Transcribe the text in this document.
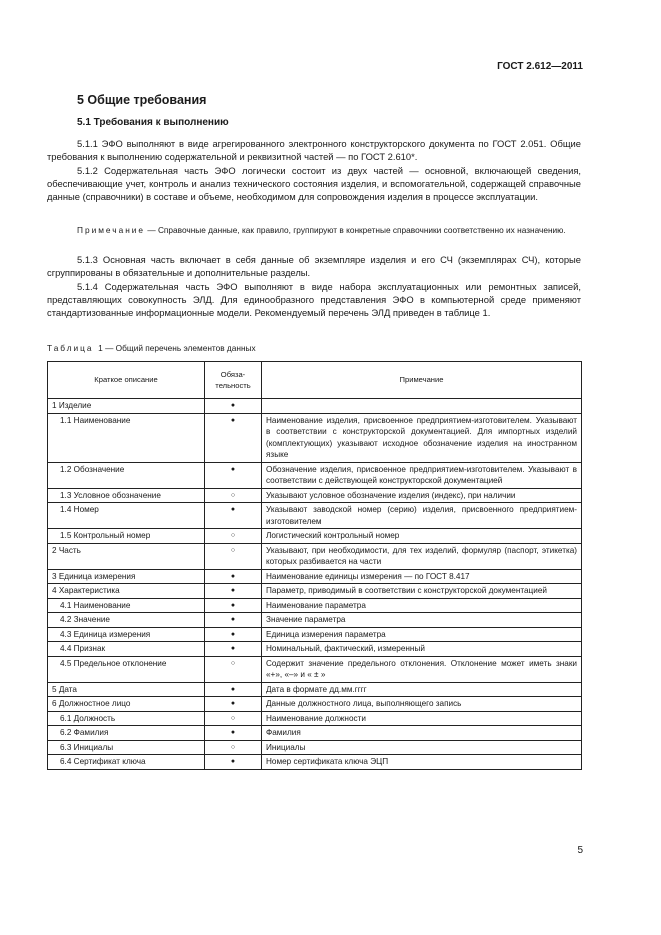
ГОСТ 2.612—2011
5 Общие требования
5.1 Требования к выполнению

5.1.1 ЭФО выполняют в виде агрегированного электронного конструкторского документа по ГОСТ 2.051. Общие требования к выполнению содержательной и реквизитной частей — по ГОСТ 2.610*.

5.1.2 Содержательная часть ЭФО логически состоит из двух частей — основной, включающей сведения, обеспечивающие учет, контроль и анализ технического состояния изделия, и вспомогательной, содержащей справочные данные (справочники) в составе и объеме, необходимом для сопровождения изделия в процессе эксплуатации.

Примечание — Справочные данные, как правило, группируют в конкретные справочники соответственно их назначению.

5.1.3 Основная часть включает в себя данные об экземпляре изделия и его СЧ (экземплярах СЧ), которые сгруппированы в обязательные и дополнительные разделы.

5.1.4 Содержательная часть ЭФО выполняют в виде набора эксплуатационных или ремонтных записей, представляющих совокупность ЭЛД. Для единообразного представления ЭФО в компьютерной среде применяют стандартизованные информационные модели. Рекомендуемый перечень ЭЛД приведен в таблице 1.

Таблица 1 — Общий перечень элементов данных
Краткое описание	Обяза-тельность	Примечание
1 Изделие	●	
1.1 Наименование	●	Наименование изделия, присвоенное предприятием-изготовителем. Указывают в соответствии с конструкторской документацией. Для импортных изделий (комплектующих) указывают исходное обозначение изделия на иностранном языке
1.2 Обозначение	●	Обозначение изделия, присвоенное предприятием-изготовителем. Указывают в соответствии с действующей конструкторской документацией
1.3 Условное обозначение	○	Указывают условное обозначение изделия (индекс), при наличии
1.4 Номер	●	Указывают заводской номер (серию) изделия, присвоенного предприятием-изготовителем
1.5 Контрольный номер	○	Логистический контрольный номер
2 Часть	○	Указывают, при необходимости, для тех изделий, формуляр (паспорт, этикетка) которых разбивается на части
3 Единица измерения	●	Наименование единицы измерения — по ГОСТ 8.417
4 Характеристика	●	Параметр, приводимый в соответствии с конструкторской документацией
4.1 Наименование	●	Наименование параметра
4.2 Значение	●	Значение параметра
4.3 Единица измерения	●	Единица измерения параметра
4.4 Признак	●	Номинальный, фактический, измеренный
4.5 Предельное отклонение	○	Содержит значение предельного отклонения. Отклонение может иметь знаки «+», «–» и « ± »
5 Дата	●	Дата в формате дд.мм.гггг
6 Должностное лицо	●	Данные должностного лица, выполняющего запись
6.1 Должность	○	Наименование должности
6.2 Фамилия	●	Фамилия
6.3 Инициалы	○	Инициалы
6.4 Сертификат ключа	●	Номер сертификата ключа ЭЦП
5
